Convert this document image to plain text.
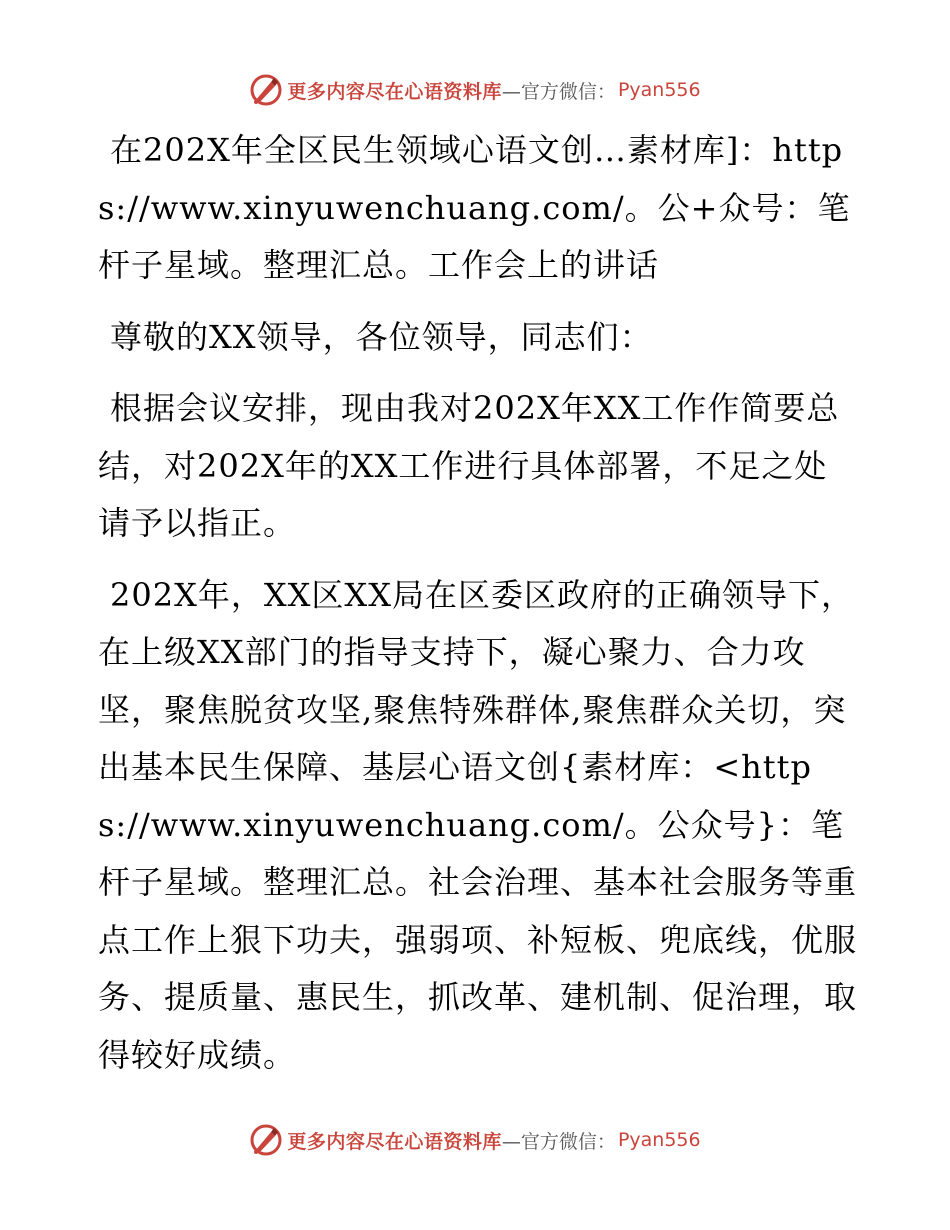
更多内容尽在心语资料库 —官方微信： Pyan556

在202X年全区民生领域心语文创…素材库]：https://www.xinyuwenchuang.com/。公+众号：笔杆子星域。整理汇总。工作会上的讲话

尊敬的XX领导，各位领导，同志们：

根据会议安排，现由我对202X年XX工作作简要总结，对202X年的XX工作进行具体部署，不足之处请予以指正。

202X年，XX区XX局在区委区政府的正确领导下，在上级XX部门的指导支持下，凝心聚力、合力攻坚，聚焦脱贫攻坚,聚焦特殊群体,聚焦群众关切，突出基本民生保障、基层心语文创{素材库：<https://www.xinyuwenchuang.com/。公众号}：笔杆子星域。整理汇总。社会治理、基本社会服务等重点工作上狠下功夫，强弱项、补短板、兜底线，优服务、提质量、惠民生，抓改革、建机制、促治理，取得较好成绩。

更多内容尽在心语资料库 —官方微信： Pyan556
